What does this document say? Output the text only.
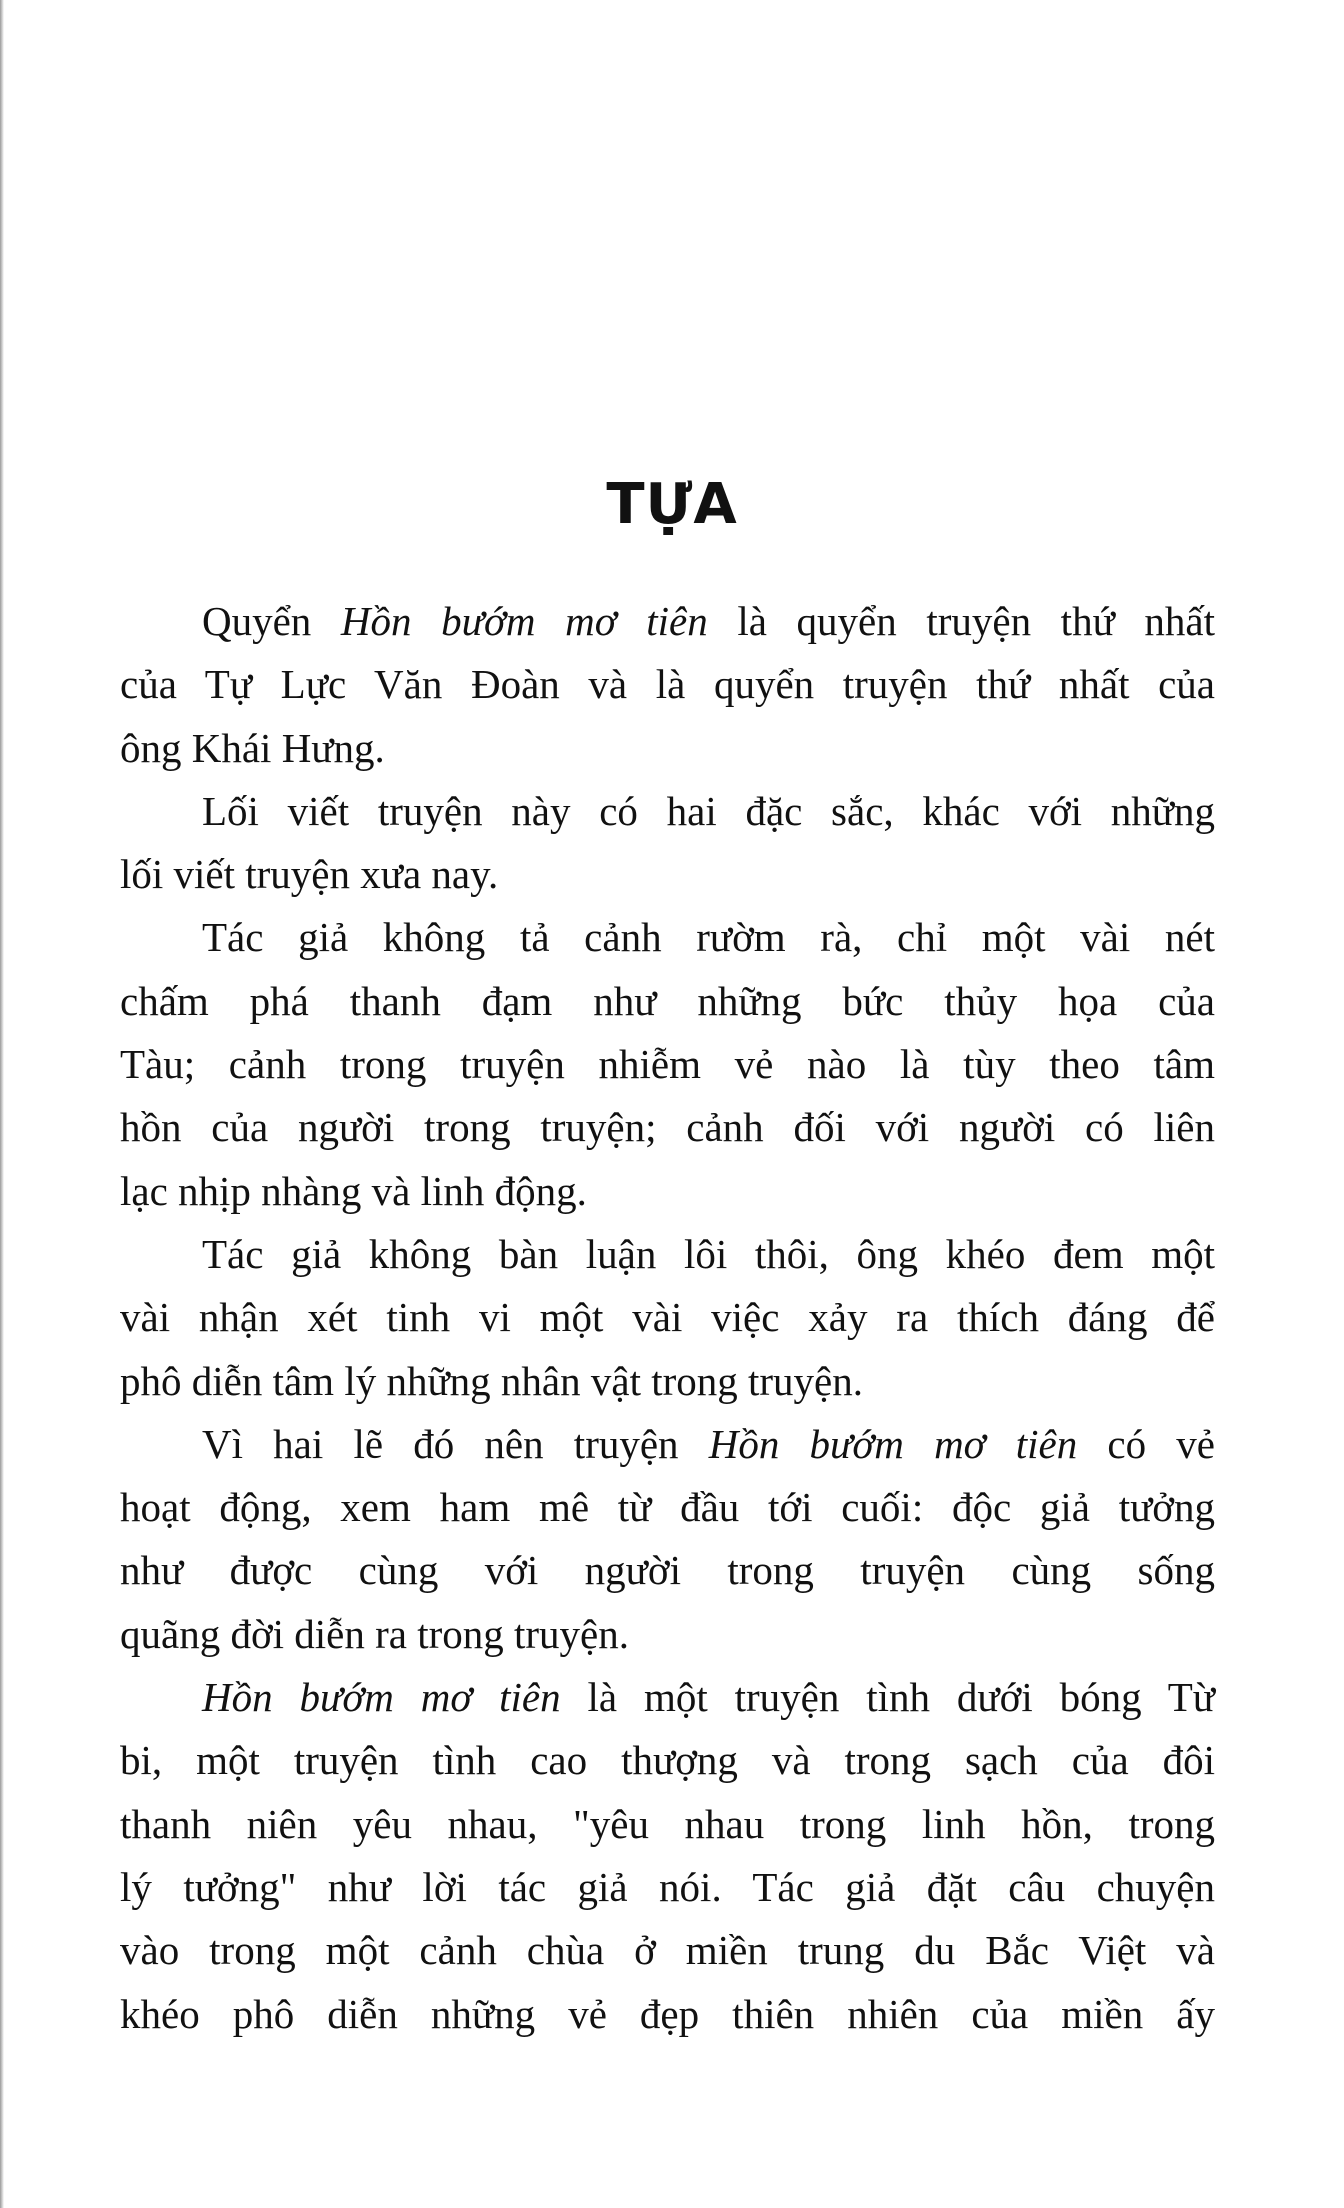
TỰA
Quyển Hồn bướm mơ tiên là quyển truyện thứ nhất
của Tự Lực Văn Đoàn và là quyển truyện thứ nhất của
ông Khái Hưng.
Lối viết truyện này có hai đặc sắc, khác với những
lối viết truyện xưa nay.
Tác giả không tả cảnh rườm rà, chỉ một vài nét
chấm phá thanh đạm như những bức thủy họa của
Tàu; cảnh trong truyện nhiễm vẻ nào là tùy theo tâm
hồn của người trong truyện; cảnh đối với người có liên
lạc nhịp nhàng và linh động.
Tác giả không bàn luận lôi thôi, ông khéo đem một
vài nhận xét tinh vi một vài việc xảy ra thích đáng để
phô diễn tâm lý những nhân vật trong truyện.
Vì hai lẽ đó nên truyện Hồn bướm mơ tiên có vẻ
hoạt động, xem ham mê từ đầu tới cuối: độc giả tưởng
như được cùng với người trong truyện cùng sống
quãng đời diễn ra trong truyện.
Hồn bướm mơ tiên là một truyện tình dưới bóng Từ
bi, một truyện tình cao thượng và trong sạch của đôi
thanh niên yêu nhau, "yêu nhau trong linh hồn, trong
lý tưởng" như lời tác giả nói. Tác giả đặt câu chuyện
vào trong một cảnh chùa ở miền trung du Bắc Việt và
khéo phô diễn những vẻ đẹp thiên nhiên của miền ấy
